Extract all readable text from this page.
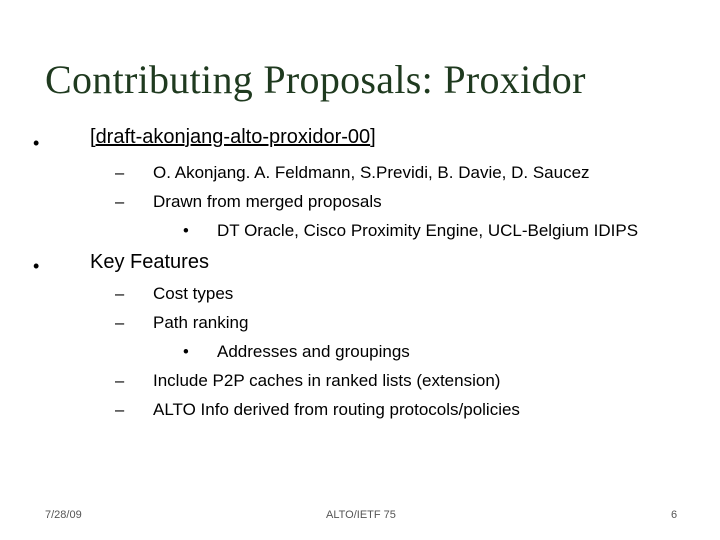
Contributing Proposals: Proxidor
•	[draft-akonjang-alto-proxidor-00]
– O. Akonjang. A. Feldmann, S.Previdi, B. Davie, D. Saucez
– Drawn from merged proposals
• DT Oracle, Cisco Proximity Engine, UCL-Belgium IDIPS
•	Key Features
– Cost types
– Path ranking
• Addresses and groupings
– Include P2P caches in ranked lists (extension)
– ALTO Info derived from routing protocols/policies
7/28/09	ALTO/IETF 75	6
